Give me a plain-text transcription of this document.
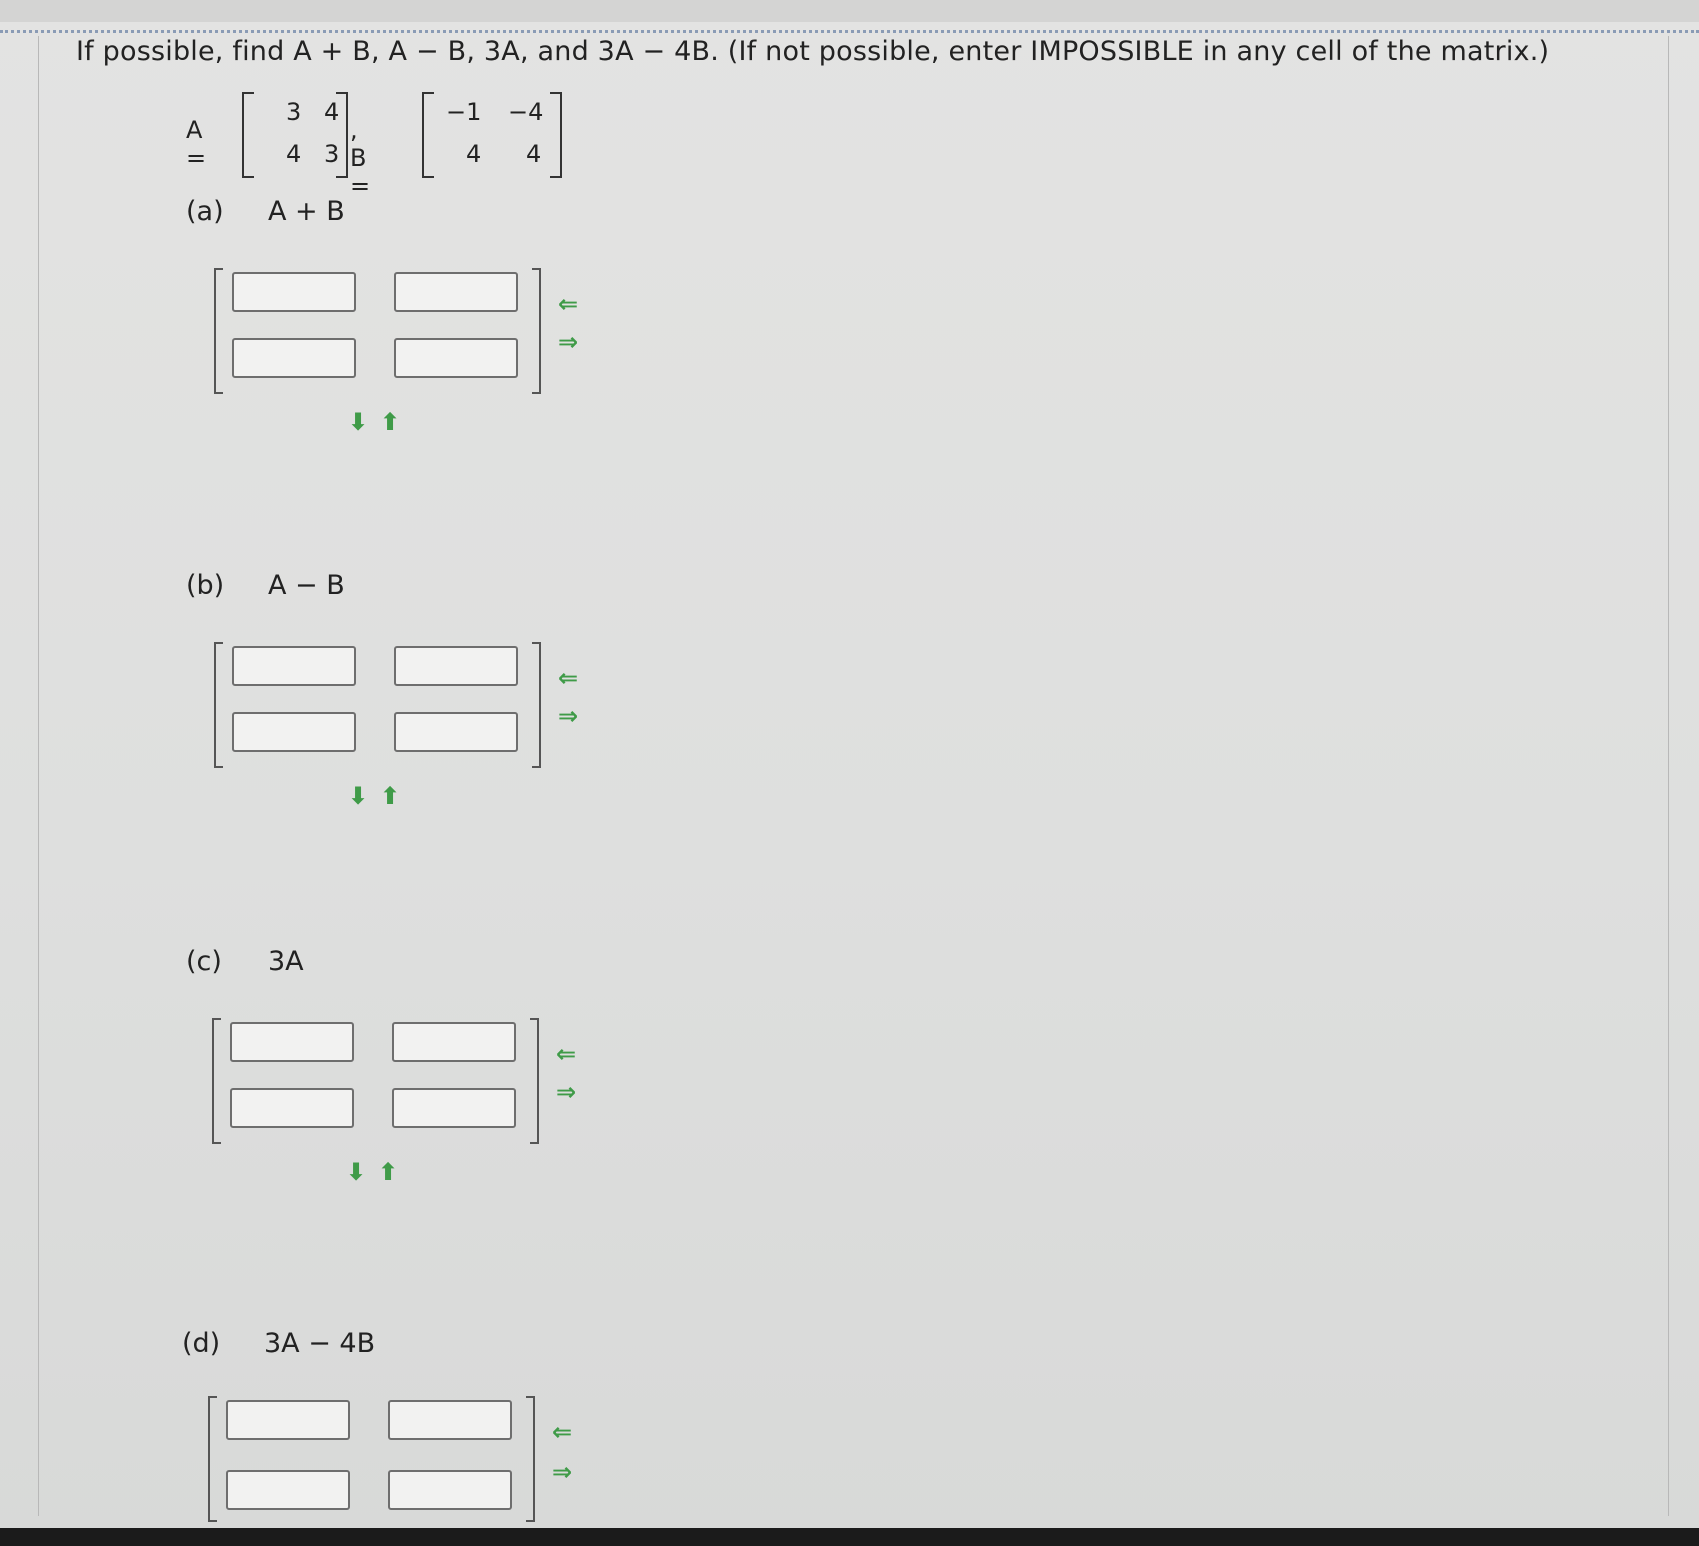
If possible, find A + B, A − B, 3A, and 3A − 4B. (If not possible, enter IMPOSSIBLE in any cell of the matrix.)
A =
3 4
4 3
, B =
−1 −4
4 4
(a) A + B
⇐
⇒
⬇ ⬆
(b) A − B
⇐
⇒
⬇ ⬆
(c) 3A
⇐
⇒
⬇ ⬆
(d) 3A − 4B
⇐
⇒
